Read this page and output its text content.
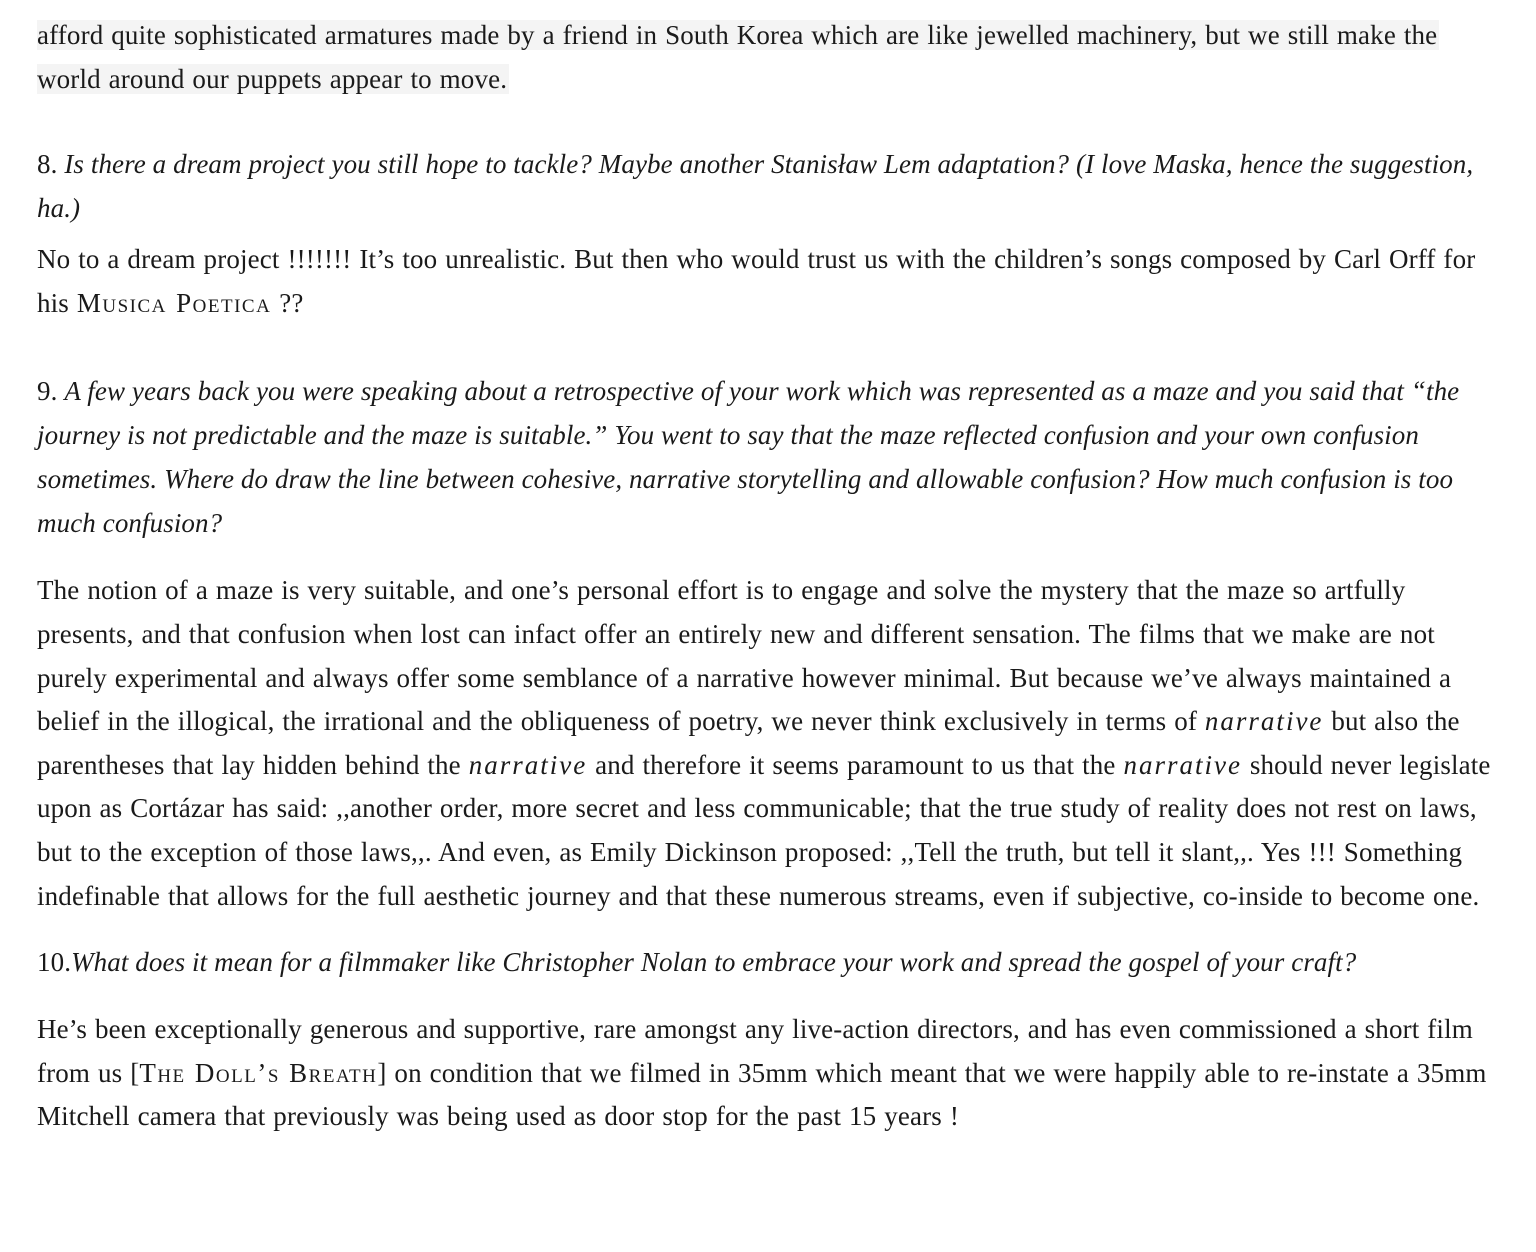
afford quite sophisticated armatures made by a friend in South Korea which are like jewelled machinery, but we still make the world around our puppets appear to move.

8. Is there a dream project you still hope to tackle? Maybe another Stanisław Lem adaptation? (I love Maska, hence the suggestion, ha.)

No to a dream project !!!!!!! It’s too unrealistic. But then who would trust us with the children’s songs composed by Carl Orff for his Musica Poetica ??

9. A few years back you were speaking about a retrospective of your work which was represented as a maze and you said that “the journey is not predictable and the maze is suitable.” You went to say that the maze reflected confusion and your own confusion sometimes. Where do draw the line between cohesive, narrative storytelling and allowable confusion? How much confusion is too much confusion?

The notion of a maze is very suitable, and one’s personal effort is to engage and solve the mystery that the maze so artfully presents, and that confusion when lost can infact offer an entirely new and different sensation. The films that we make are not purely experimental and always offer some semblance of a narrative however minimal. But because we’ve always maintained a belief in the illogical, the irrational and the obliqueness of poetry, we never think exclusively in terms of narrative but also the parentheses that lay hidden behind the narrative and therefore it seems paramount to us that the narrative should never legislate upon as Cortázar has said: ,,another order, more secret and less communicable; that the true study of reality does not rest on laws, but to the exception of those laws,,. And even, as Emily Dickinson proposed: ,,Tell the truth, but tell it slant,,. Yes !!! Something indefinable that allows for the full aesthetic journey and that these numerous streams, even if subjective, co-inside to become one.

10.What does it mean for a filmmaker like Christopher Nolan to embrace your work and spread the gospel of your craft?

He’s been exceptionally generous and supportive, rare amongst any live-action directors, and has even commissioned a short film from us [The Doll’s Breath] on condition that we filmed in 35mm which meant that we were happily able to re-instate a 35mm Mitchell camera that previously was being used as door stop for the past 15 years !
